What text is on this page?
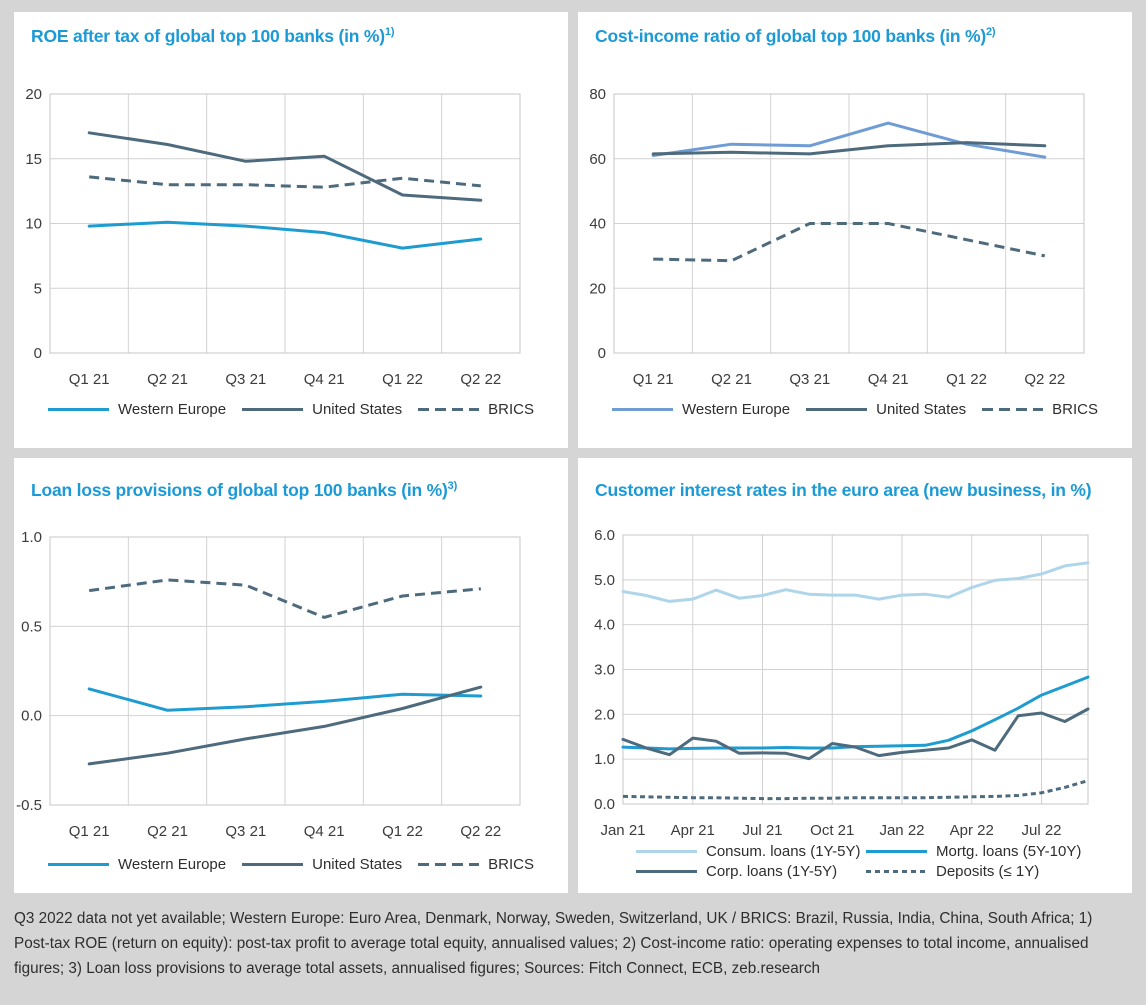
ROE after tax of global top 100 banks (in %)$^{1)}$
20
15
10
5
0
Q1 21 Q2 21 Q3 21 Q4 21 Q1 22 Q2 22
Western Europe	United States	BRICS
Cost-income ratio of global top 100 banks (in %)$^{2)}$
80
60
40
20
0
Q1 21 Q2 21 Q3 21 Q4 21 Q1 22 Q2 22
Western Europe	United States	BRICS
Loan loss provisions of global top 100 banks (in %)$^{3)}$
1.0
0.5
0.0
-0.5
Q1 21 Q2 21 Q3 21 Q4 21 Q1 22 Q2 22
Western Europe	United States	BRICS
Customer interest rates in the euro area (new business, in %)
6.0
5.0
4.0
3.0
2.0
1.0
0.0
Jan 21 Apr 21 Jul 21 Oct 21 Jan 22 Apr 22 Jul 22
Consum. loans (1Y-5Y)	Mortg. loans (5Y-10Y)
Corp. loans (1Y-5Y)	Deposits (≤ 1Y)

Q3 2022 data not yet available; Western Europe: Euro Area, Denmark, Norway, Sweden, Switzerland, UK / BRICS: Brazil, Russia, India, China, South Africa; 1) Post-tax ROE (return on equity): post-tax profit to average total equity, annualised values; 2) Cost-income ratio: operating expenses to total income, annualised figures; 3) Loan loss provisions to average total assets, annualised figures; Sources: Fitch Connect, ECB, zeb.research
